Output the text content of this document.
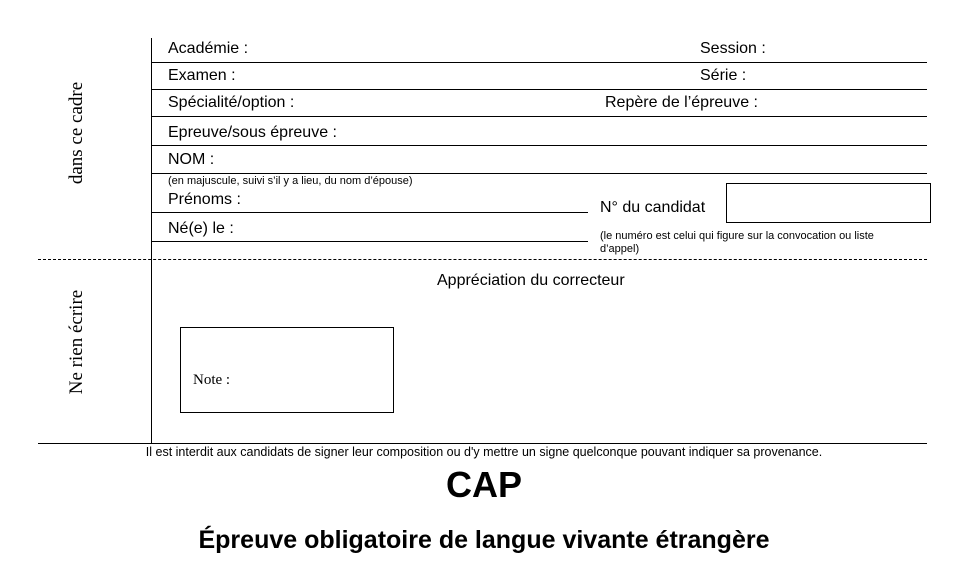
dans ce cadre
Ne rien écrire
Académie :	Session :
Examen :	Série :
Spécialité/option :	Repère de l’épreuve :
Epreuve/sous épreuve :
NOM :
(en majuscule, suivi s’il y a lieu, du nom d’épouse)
Prénoms :
Né(e) le :
N° du candidat
(le numéro est celui qui figure sur la convocation ou liste
d’appel)
Appréciation du correcteur
Note :
Il est interdit aux candidats de signer leur composition ou d'y mettre un signe quelconque pouvant indiquer sa provenance.
CAP
Épreuve obligatoire de langue vivante étrangère
